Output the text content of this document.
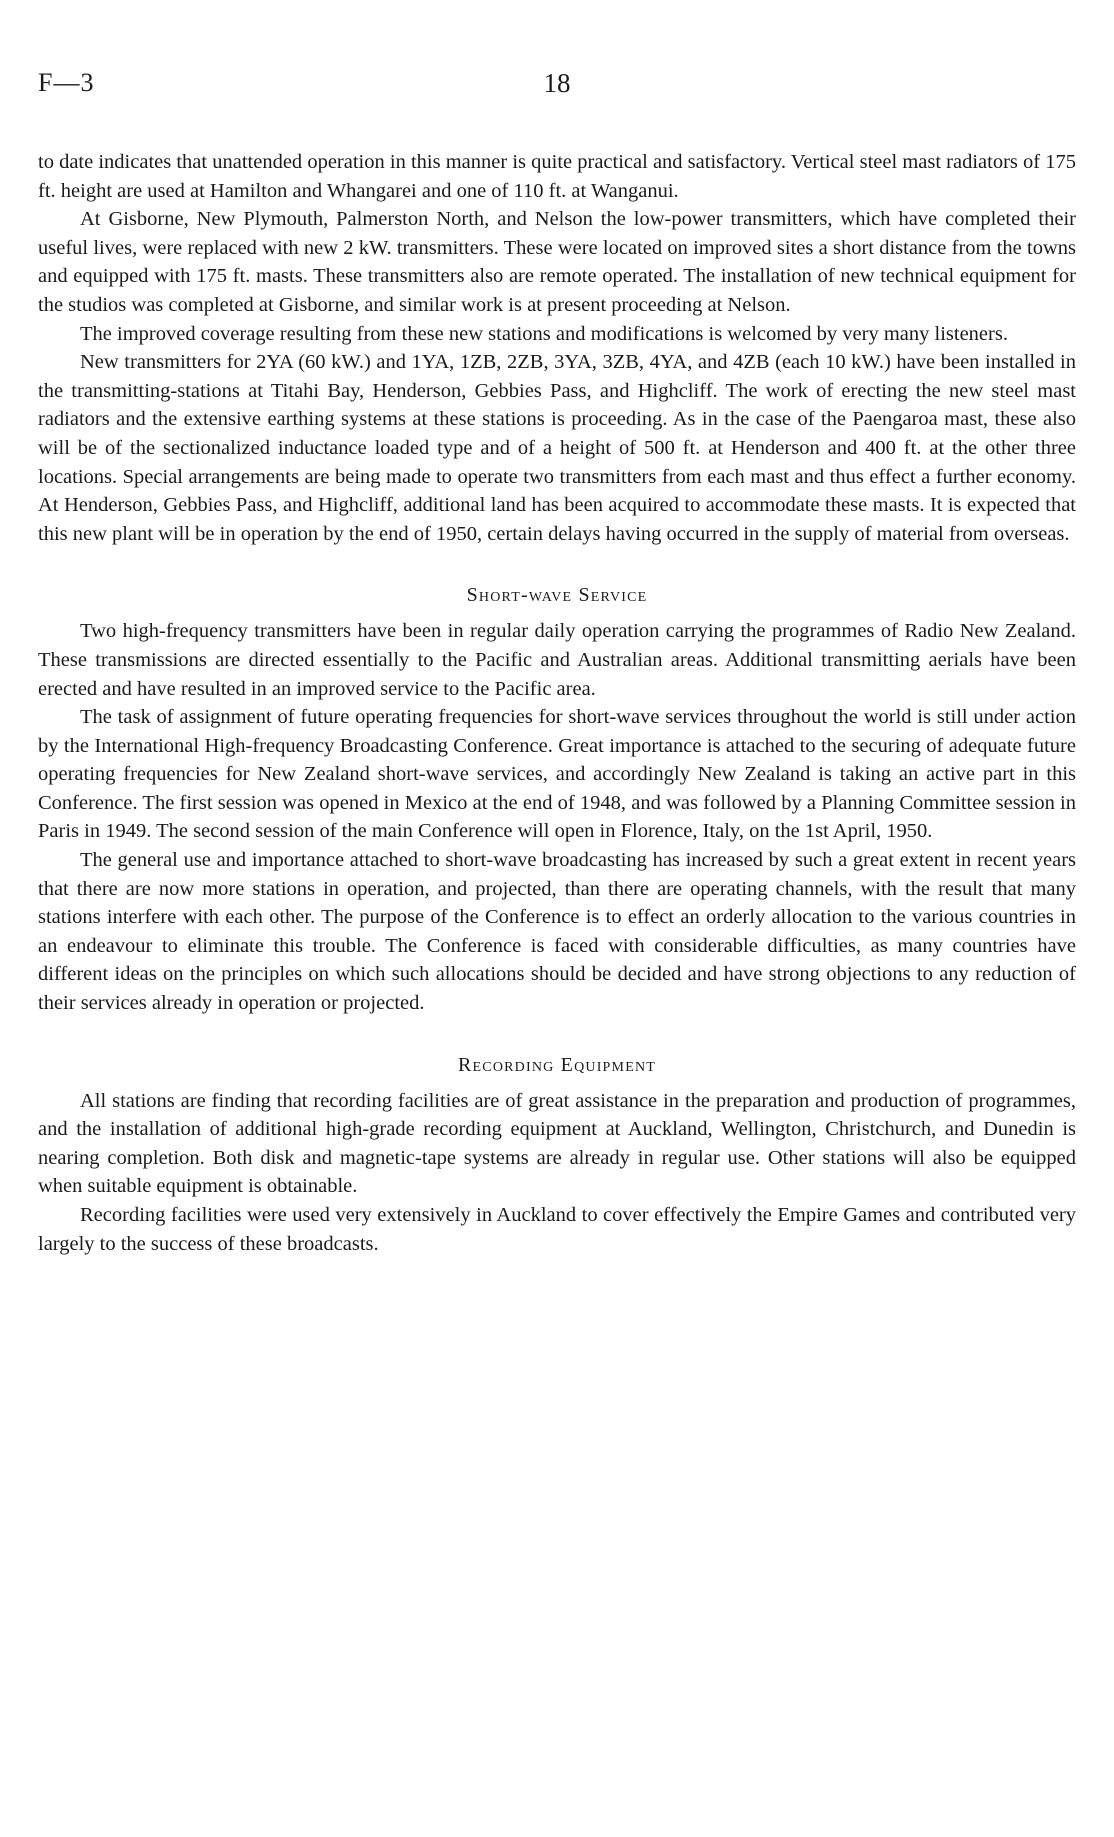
F—3	18

to date indicates that unattended operation in this manner is quite practical and satisfactory. Vertical steel mast radiators of 175 ft. height are used at Hamilton and Whangarei and one of 110 ft. at Wanganui.

At Gisborne, New Plymouth, Palmerston North, and Nelson the low-power transmitters, which have completed their useful lives, were replaced with new 2 kW. transmitters. These were located on improved sites a short distance from the towns and equipped with 175 ft. masts. These transmitters also are remote operated. The installation of new technical equipment for the studios was completed at Gisborne, and similar work is at present proceeding at Nelson.

The improved coverage resulting from these new stations and modifications is welcomed by very many listeners.

New transmitters for 2YA (60 kW.) and 1YA, 1ZB, 2ZB, 3YA, 3ZB, 4YA, and 4ZB (each 10 kW.) have been installed in the transmitting-stations at Titahi Bay, Henderson, Gebbies Pass, and Highcliff. The work of erecting the new steel mast radiators and the extensive earthing systems at these stations is proceeding. As in the case of the Paengaroa mast, these also will be of the sectionalized inductance loaded type and of a height of 500 ft. at Henderson and 400 ft. at the other three locations. Special arrangements are being made to operate two transmitters from each mast and thus effect a further economy. At Henderson, Gebbies Pass, and Highcliff, additional land has been acquired to accommodate these masts. It is expected that this new plant will be in operation by the end of 1950, certain delays having occurred in the supply of material from overseas.

Short-wave Service

Two high-frequency transmitters have been in regular daily operation carrying the programmes of Radio New Zealand. These transmissions are directed essentially to the Pacific and Australian areas. Additional transmitting aerials have been erected and have resulted in an improved service to the Pacific area.

The task of assignment of future operating frequencies for short-wave services throughout the world is still under action by the International High-frequency Broadcasting Conference. Great importance is attached to the securing of adequate future operating frequencies for New Zealand short-wave services, and accordingly New Zealand is taking an active part in this Conference. The first session was opened in Mexico at the end of 1948, and was followed by a Planning Committee session in Paris in 1949. The second session of the main Conference will open in Florence, Italy, on the 1st April, 1950.

The general use and importance attached to short-wave broadcasting has increased by such a great extent in recent years that there are now more stations in operation, and projected, than there are operating channels, with the result that many stations interfere with each other. The purpose of the Conference is to effect an orderly allocation to the various countries in an endeavour to eliminate this trouble. The Conference is faced with considerable difficulties, as many countries have different ideas on the principles on which such allocations should be decided and have strong objections to any reduction of their services already in operation or projected.

Recording Equipment

All stations are finding that recording facilities are of great assistance in the preparation and production of programmes, and the installation of additional high-grade recording equipment at Auckland, Wellington, Christchurch, and Dunedin is nearing completion. Both disk and magnetic-tape systems are already in regular use. Other stations will also be equipped when suitable equipment is obtainable.

Recording facilities were used very extensively in Auckland to cover effectively the Empire Games and contributed very largely to the success of these broadcasts.
